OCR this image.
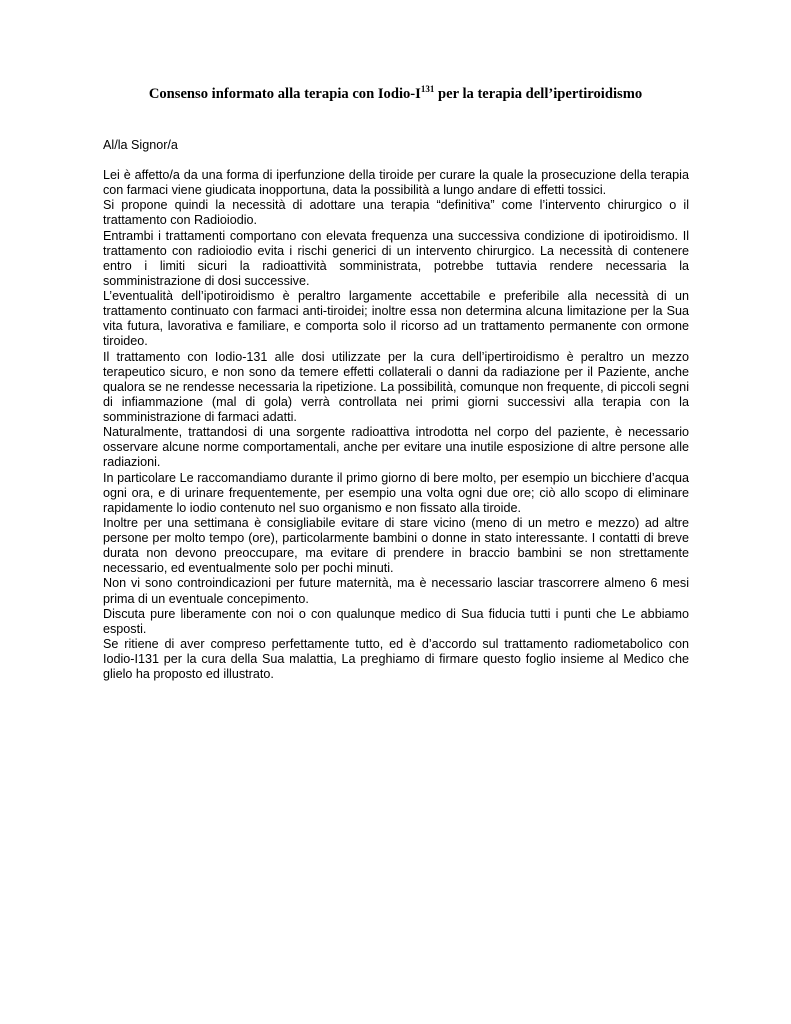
Consenso informato alla terapia con Iodio-$I^{131}$ per la terapia dell’ipertiroidismo
Al/la Signor/a

Lei è affetto/a da una forma di iperfunzione della tiroide per curare la quale la prosecuzione della terapia con farmaci viene giudicata inopportuna, data la possibilità a lungo andare di effetti tossici.

Si propone quindi la necessità di adottare una terapia “definitiva” come l’intervento chirurgico o il trattamento con Radioiodio.

Entrambi i trattamenti comportano con elevata frequenza una successiva condizione di ipotiroidismo. Il trattamento con radioiodio evita i rischi generici di un intervento chirurgico. La necessità di contenere entro i limiti sicuri la radioattività somministrata, potrebbe tuttavia rendere necessaria la somministrazione di dosi successive.

L’eventualità dell’ipotiroidismo è peraltro largamente accettabile e preferibile alla necessità di un trattamento continuato con farmaci anti-tiroidei; inoltre essa non determina alcuna limitazione per la Sua vita futura, lavorativa e familiare, e comporta solo il ricorso ad un trattamento permanente con ormone tiroideo.

Il trattamento con Iodio-131 alle dosi utilizzate per la cura dell’ipertiroidismo è peraltro un mezzo terapeutico sicuro, e non sono da temere effetti collaterali o danni da radiazione per il Paziente, anche qualora se ne rendesse necessaria la ripetizione. La possibilità, comunque non frequente, di piccoli segni di infiammazione (mal di gola) verrà controllata nei primi giorni successivi alla terapia con la somministrazione di farmaci adatti.

Naturalmente, trattandosi di una sorgente radioattiva introdotta nel corpo del paziente, è necessario osservare alcune norme comportamentali, anche per evitare una inutile esposizione di altre persone alle radiazioni.

In particolare Le raccomandiamo durante il primo giorno di bere molto, per esempio un bicchiere d’acqua ogni ora, e di urinare frequentemente, per esempio una volta ogni due ore; ciò allo scopo di eliminare rapidamente lo iodio contenuto nel suo organismo e non fissato alla tiroide.

Inoltre per una settimana è consigliabile evitare di stare vicino (meno di un metro e mezzo) ad altre persone per molto tempo (ore), particolarmente bambini o donne in stato interessante. I contatti di breve durata non devono preoccupare, ma evitare di prendere in braccio bambini se non strettamente necessario, ed eventualmente solo per pochi minuti.

Non vi sono controindicazioni per future maternità, ma è necessario lasciar trascorrere almeno 6 mesi prima di un eventuale concepimento.

Discuta pure liberamente con noi o con qualunque medico di Sua fiducia tutti i punti che Le abbiamo esposti.

Se ritiene di aver compreso perfettamente tutto, ed è d’accordo sul trattamento radiometabolico con Iodio-I131 per la cura della Sua malattia, La preghiamo di firmare questo foglio insieme al Medico che glielo ha proposto ed illustrato.
